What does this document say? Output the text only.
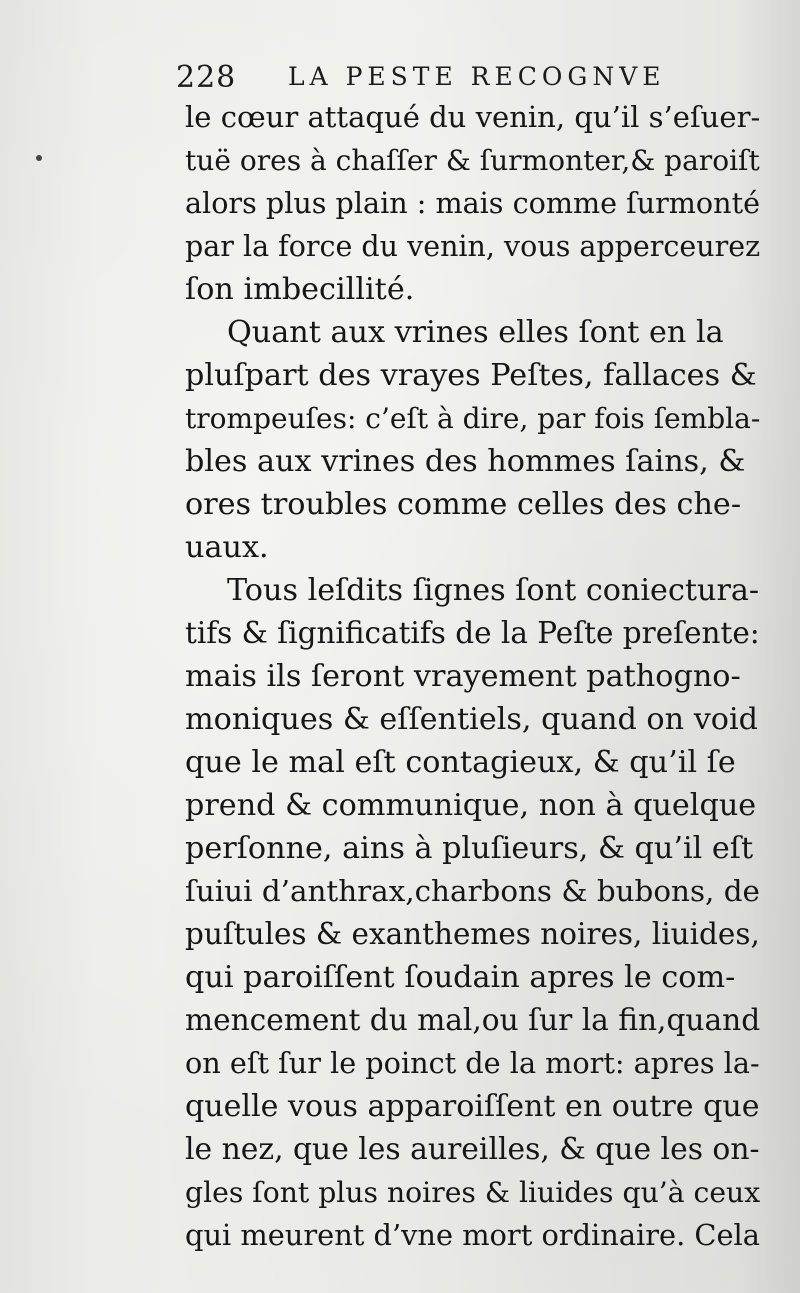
228 LA PESTE RECOGNVE
le cœur attaqué du venin, qu’il s’eſuer-
tuë ores à chaſſer & ſurmonter,& paroiſt
alors plus plain : mais comme ſurmonté
par la force du venin, vous apperceurez
ſon imbecillité.
Quant aux vrines elles ſont en la
pluſpart des vrayes Peſtes, fallaces &
trompeuſes: c’eſt à dire, par fois ſembla-
bles aux vrines des hommes ſains, &
ores troubles comme celles des che-
uaux.
Tous leſdits ſignes ſont coniectura-
tifs & ſignificatifs de la Peſte preſente:
mais ils ſeront vrayement pathogno-
moniques & eſſentiels, quand on void
que le mal eſt contagieux, & qu’il ſe
prend & communique, non à quelque
perſonne, ains à pluſieurs, & qu’il eſt
ſuiui d’anthrax,charbons & bubons, de
puſtules & exanthemes noires, liuides,
qui paroiſſent ſoudain apres le com-
mencement du mal,ou ſur la fin,quand
on eſt ſur le poinct de la mort: apres la-
quelle vous apparoiſſent en outre que
le nez, que les aureilles, & que les on-
gles ſont plus noires & liuides qu’à ceux
qui meurent d’vne mort ordinaire. Cela
